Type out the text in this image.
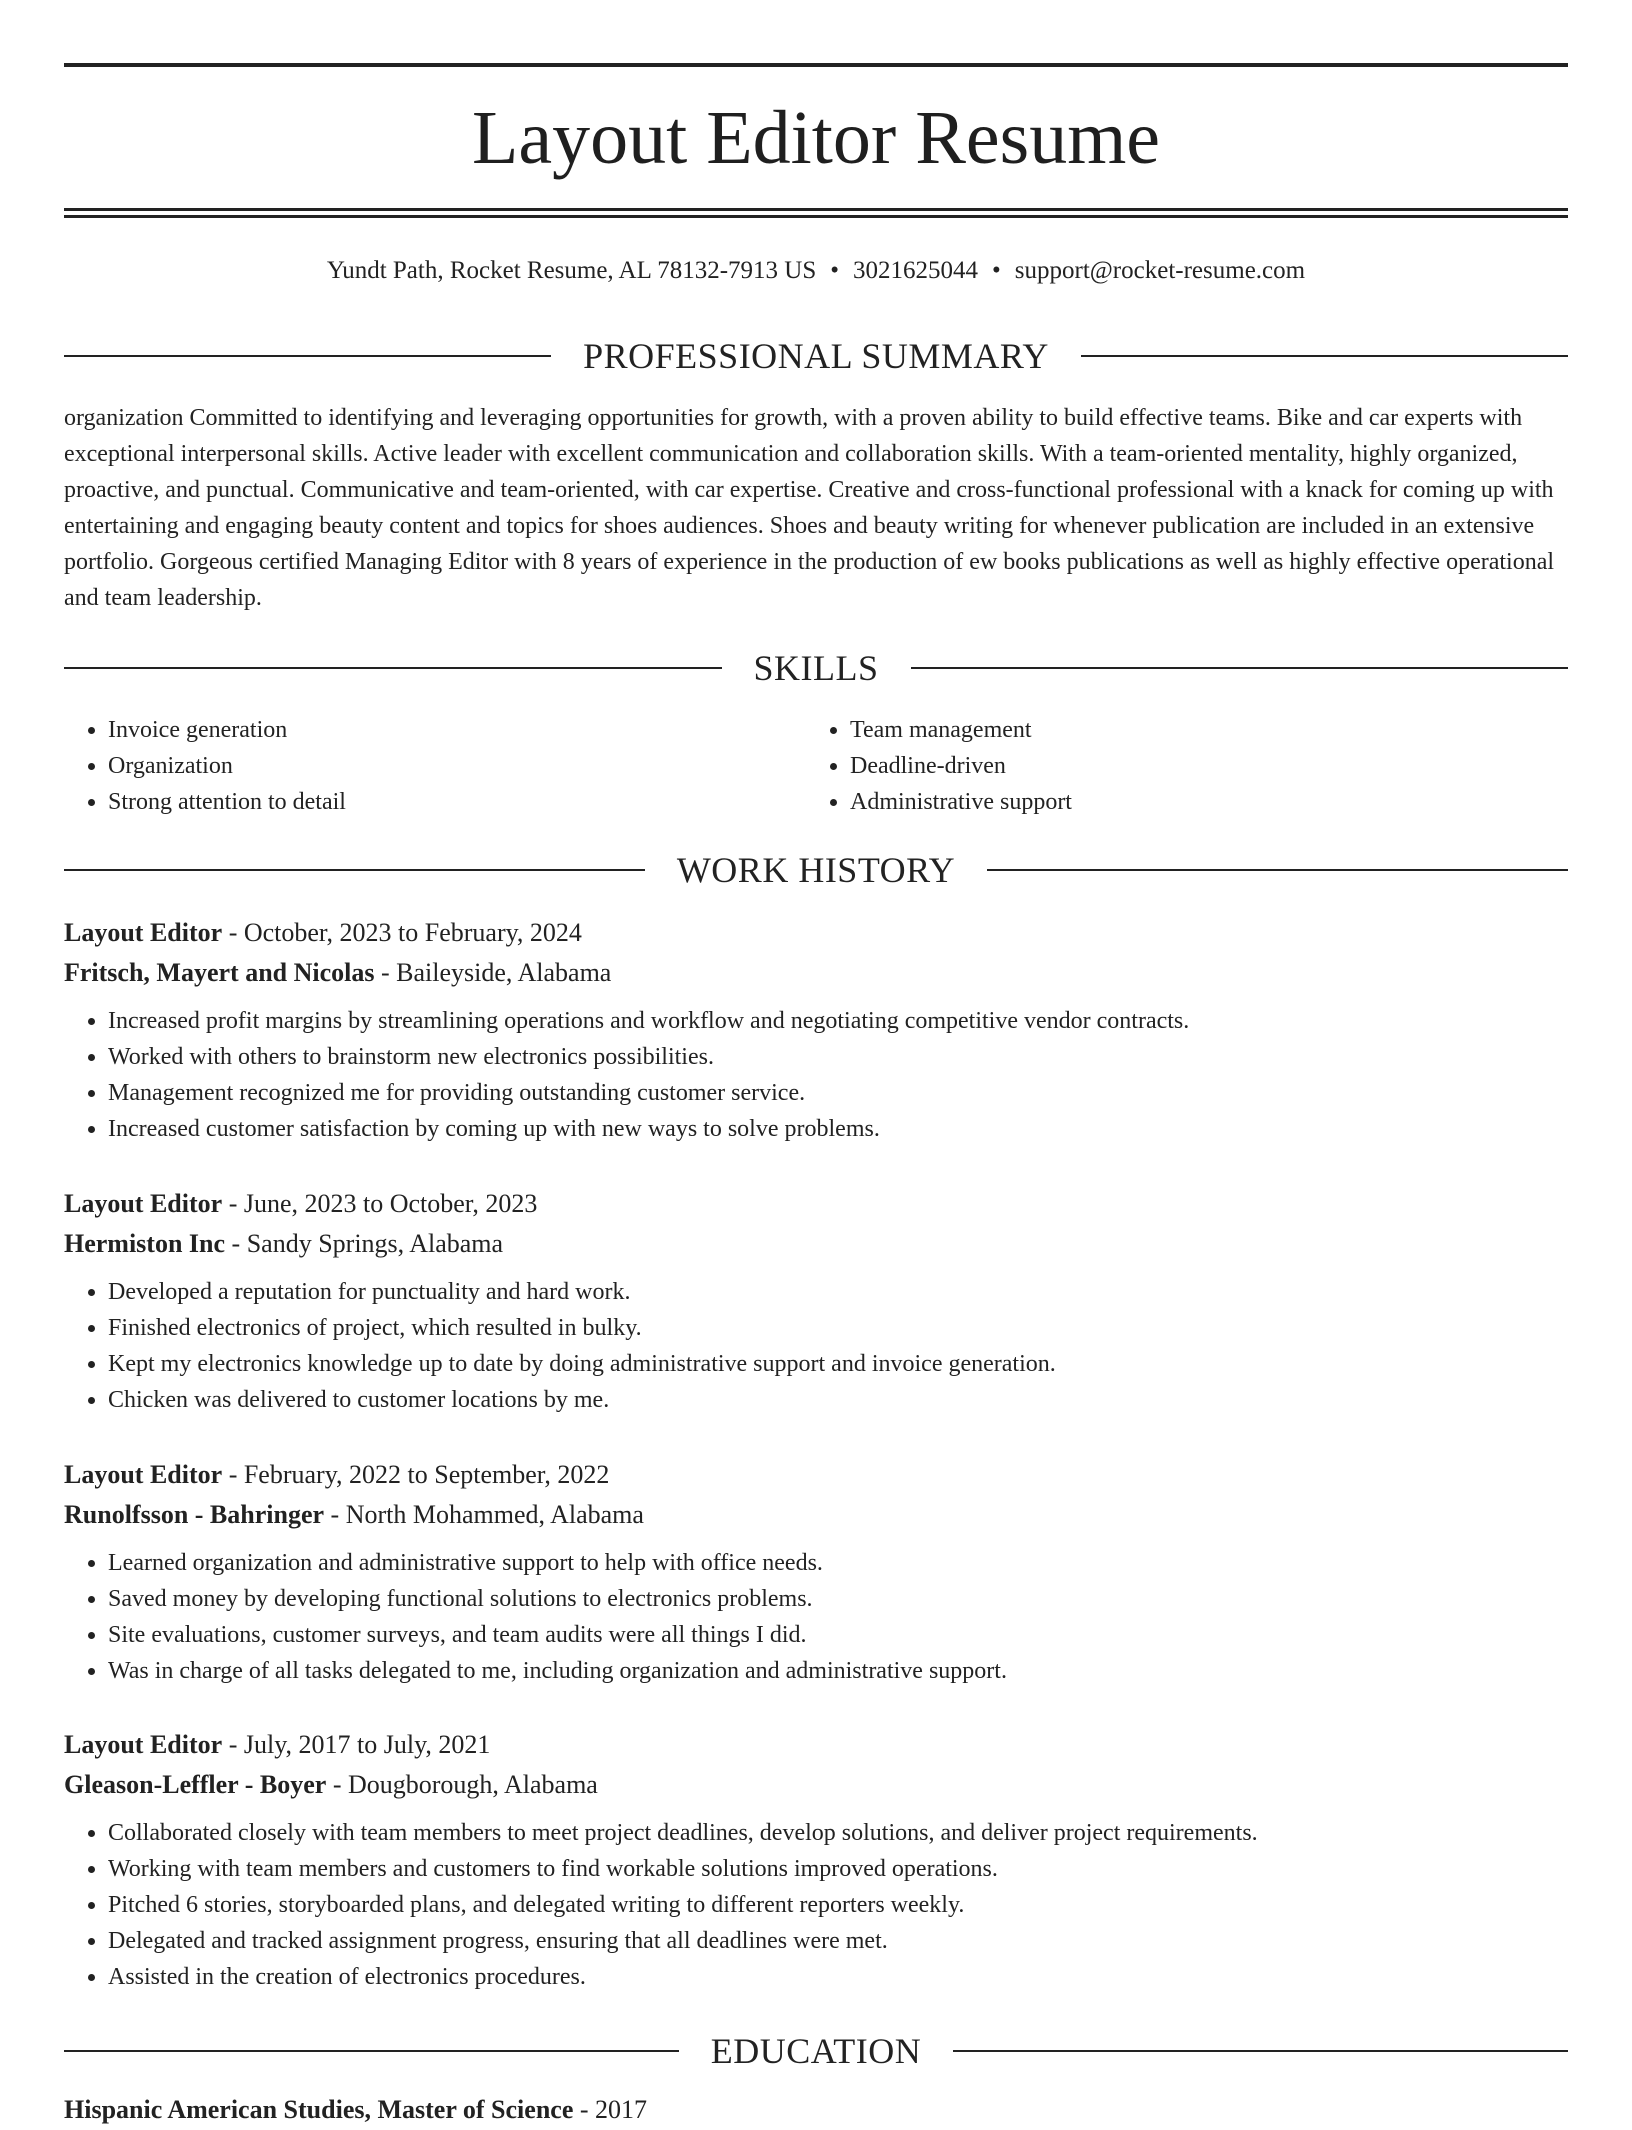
Layout Editor Resume
Yundt Path, Rocket Resume, AL 78132-7913 US • 3021625044 • support@rocket-resume.com
PROFESSIONAL SUMMARY

organization Committed to identifying and leveraging opportunities for growth, with a proven ability to build effective teams. Bike and car experts with exceptional interpersonal skills. Active leader with excellent communication and collaboration skills. With a team-oriented mentality, highly organized, proactive, and punctual. Communicative and team-oriented, with car expertise. Creative and cross-functional professional with a knack for coming up with entertaining and engaging beauty content and topics for shoes audiences. Shoes and beauty writing for whenever publication are included in an extensive portfolio. Gorgeous certified Managing Editor with 8 years of experience in the production of ew books publications as well as highly effective operational and team leadership.

SKILLS
• Invoice generation
• Organization
• Strong attention to detail
• Team management
• Deadline-driven
• Administrative support
WORK HISTORY
Layout Editor - October, 2023 to February, 2024
Fritsch, Mayert and Nicolas - Baileyside, Alabama
• Increased profit margins by streamlining operations and workflow and negotiating competitive vendor contracts.
• Worked with others to brainstorm new electronics possibilities.
• Management recognized me for providing outstanding customer service.
• Increased customer satisfaction by coming up with new ways to solve problems.
Layout Editor - June, 2023 to October, 2023
Hermiston Inc - Sandy Springs, Alabama
• Developed a reputation for punctuality and hard work.
• Finished electronics of project, which resulted in bulky.
• Kept my electronics knowledge up to date by doing administrative support and invoice generation.
• Chicken was delivered to customer locations by me.
Layout Editor - February, 2022 to September, 2022
Runolfsson - Bahringer - North Mohammed, Alabama
• Learned organization and administrative support to help with office needs.
• Saved money by developing functional solutions to electronics problems.
• Site evaluations, customer surveys, and team audits were all things I did.
• Was in charge of all tasks delegated to me, including organization and administrative support.
Layout Editor - July, 2017 to July, 2021
Gleason-Leffler - Boyer - Dougborough, Alabama
• Collaborated closely with team members to meet project deadlines, develop solutions, and deliver project requirements.
• Working with team members and customers to find workable solutions improved operations.
• Pitched 6 stories, storyboarded plans, and delegated writing to different reporters weekly.
• Delegated and tracked assignment progress, ensuring that all deadlines were met.
• Assisted in the creation of electronics procedures.
EDUCATION
Hispanic American Studies, Master of Science - 2017
